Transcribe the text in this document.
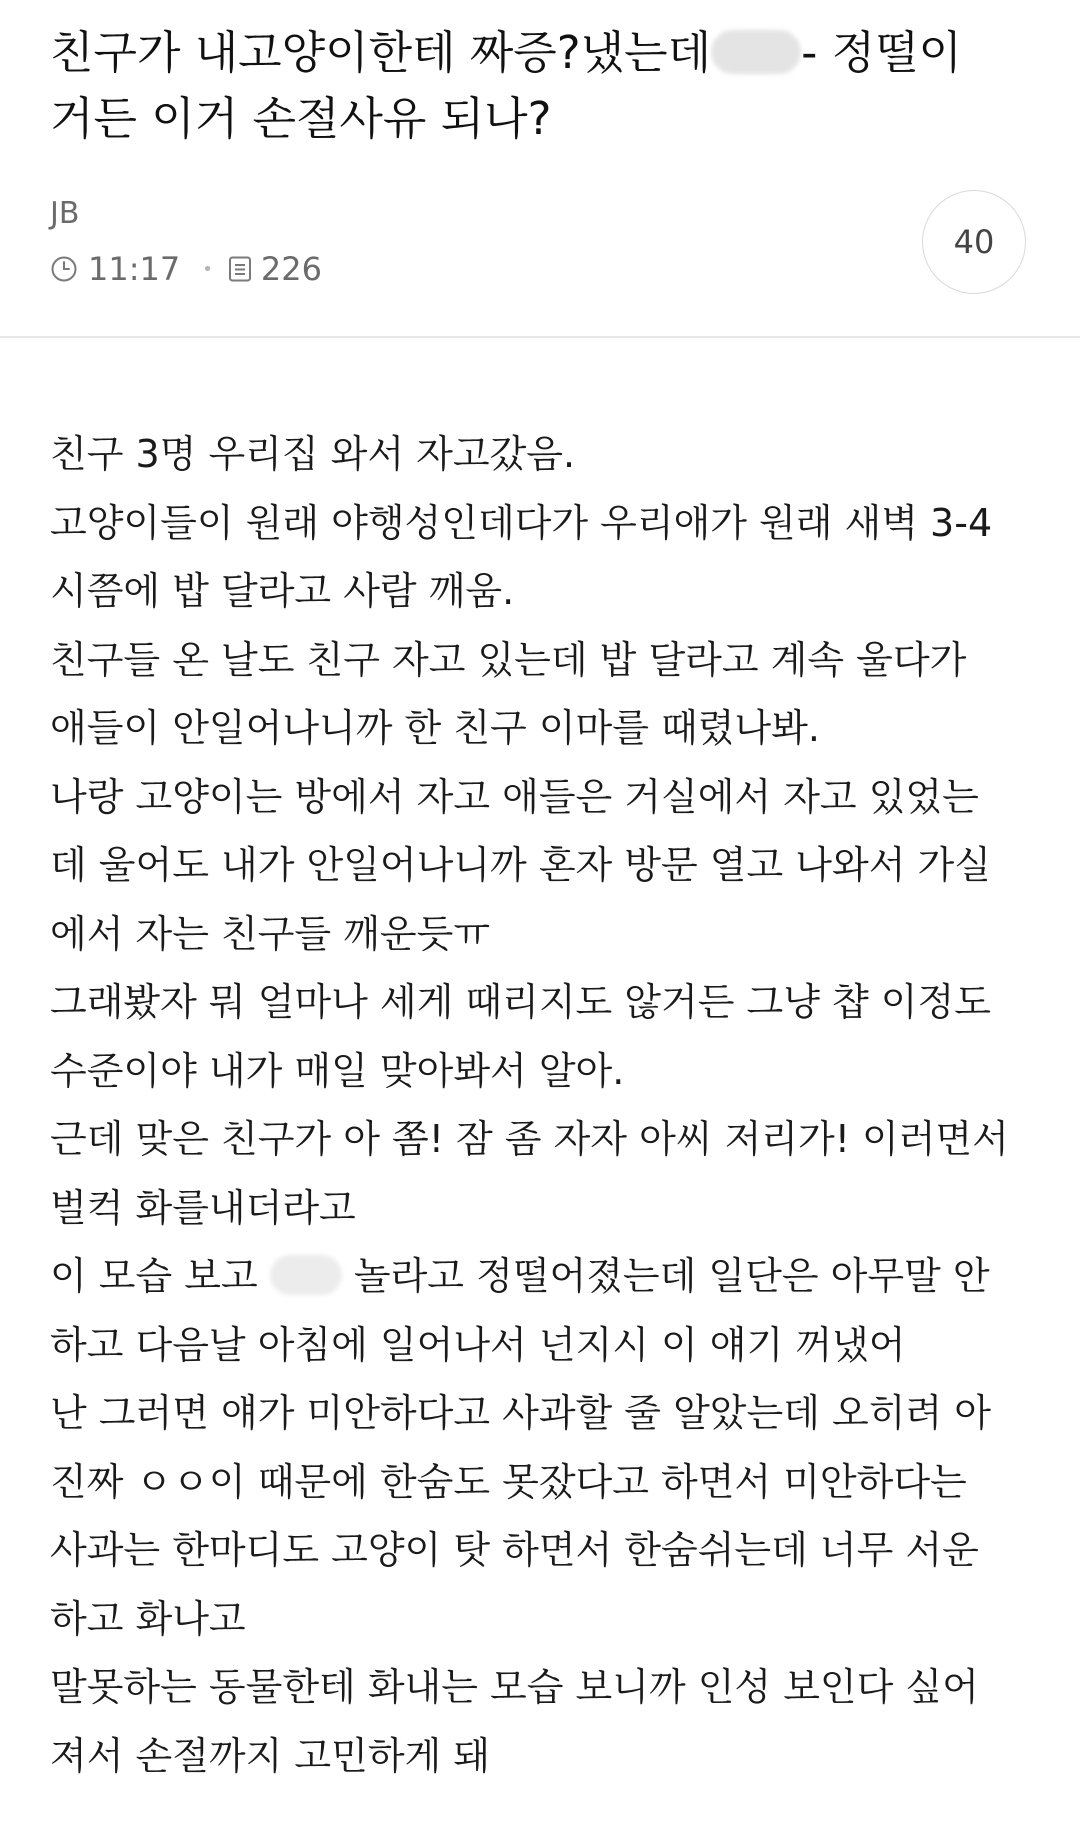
친구가 내고양이한테 짜증?냈는데 - 정떨이
거든 이거 손절사유 되나?
JB
11:17 • 226
40
친구 3명 우리집 와서 자고갔음.
고양이들이 원래 야행성인데다가 우리애가 원래 새벽 3-4
시쯤에 밥 달라고 사람 깨움.
친구들 온 날도 친구 자고 있는데 밥 달라고 계속 울다가
애들이 안일어나니까 한 친구 이마를 때렸나봐.
나랑 고양이는 방에서 자고 애들은 거실에서 자고 있었는
데 울어도 내가 안일어나니까 혼자 방문 열고 나와서 가실
에서 자는 친구들 깨운듯ㅠ
그래봤자 뭐 얼마나 세게 때리지도 않거든 그냥 챱 이정도
수준이야 내가 매일 맞아봐서 알아.
근데 맞은 친구가 아 쫌! 잠 좀 자자 아씨 저리가! 이러면서
벌컥 화를내더라고
이 모습 보고  놀라고 정떨어졌는데 일단은 아무말 안
하고 다음날 아침에 일어나서 넌지시 이 얘기 꺼냈어
난 그러면 얘가 미안하다고 사과할 줄 알았는데 오히려 아
진짜 ㅇㅇ이 때문에 한숨도 못잤다고 하면서 미안하다는
사과는 한마디도 고양이 탓 하면서 한숨쉬는데 너무 서운
하고 화나고
말못하는 동물한테 화내는 모습 보니까 인성 보인다 싶어
져서 손절까지 고민하게 돼
